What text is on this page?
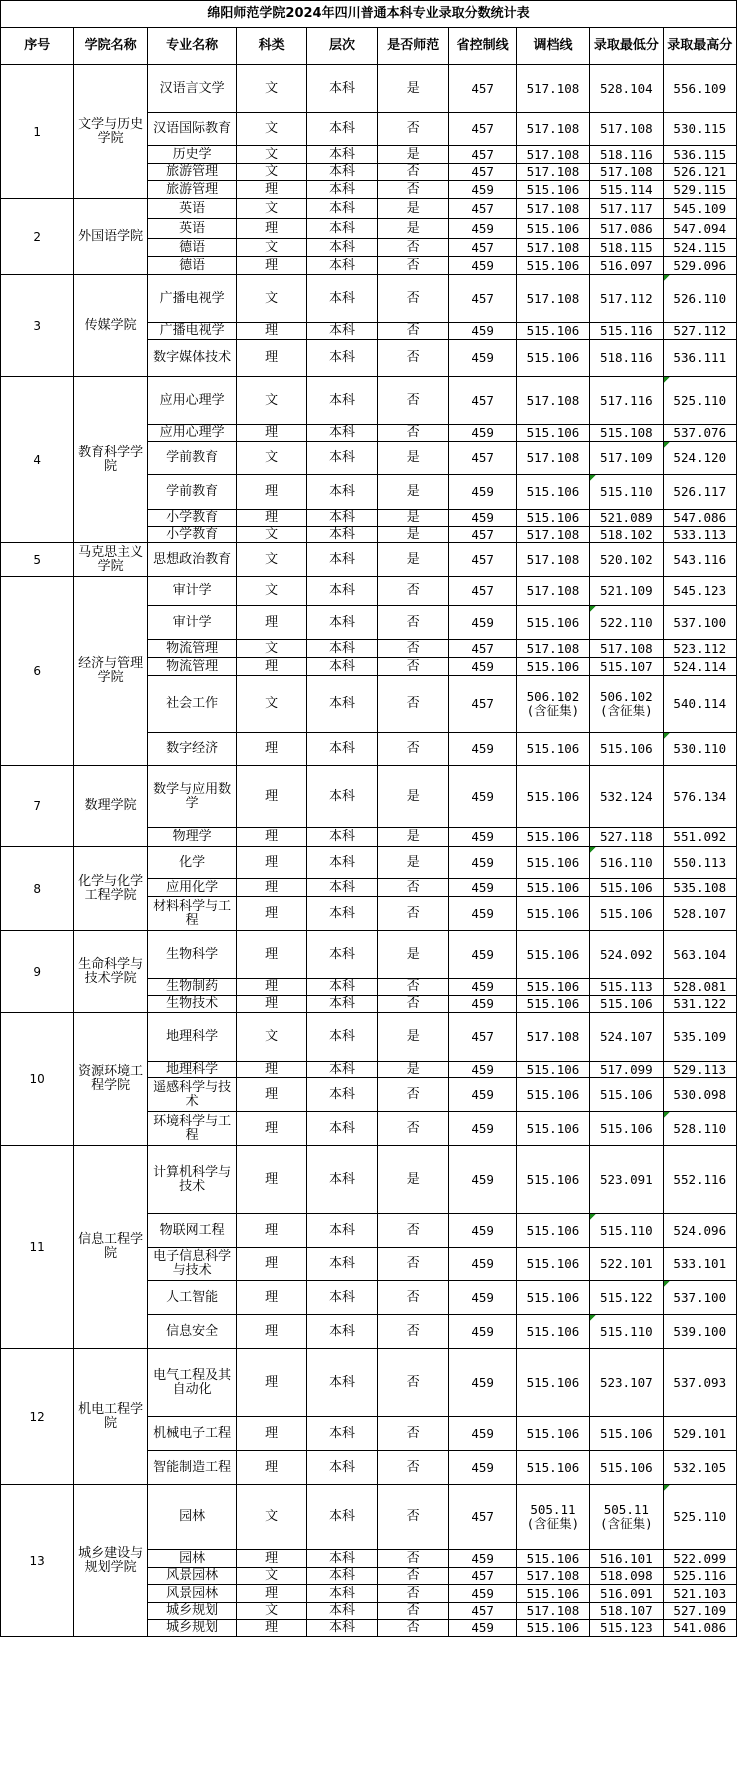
绵阳师范学院2024年四川普通本科专业录取分数统计表									
序号	学院名称	专业名称	科类	层次	是否师范	省控制线	调档线	录取最低分	录取最高分
1	文学与历史学院	汉语言文学	文	本科	是	457	517.108	528.104	556.109
		汉语国际教育	文	本科	否	457	517.108	517.108	530.115
		历史学	文	本科	是	457	517.108	518.116	536.115
		旅游管理	文	本科	否	457	517.108	517.108	526.121
		旅游管理	理	本科	否	459	515.106	515.114	529.115
2	外国语学院	英语	文	本科	是	457	517.108	517.117	545.109
		英语	理	本科	是	459	515.106	517.086	547.094
		德语	文	本科	否	457	517.108	518.115	524.115
		德语	理	本科	否	459	515.106	516.097	529.096
3	传媒学院	广播电视学	文	本科	否	457	517.108	517.112	526.110
		广播电视学	理	本科	否	459	515.106	515.116	527.112
		数字媒体技术	理	本科	否	459	515.106	518.116	536.111
4	教育科学学院	应用心理学	文	本科	否	457	517.108	517.116	525.110
		应用心理学	理	本科	否	459	515.106	515.108	537.076
		学前教育	文	本科	是	457	517.108	517.109	524.120
		学前教育	理	本科	是	459	515.106	515.110	526.117
		小学教育	理	本科	是	459	515.106	521.089	547.086
		小学教育	文	本科	是	457	517.108	518.102	533.113
5	马克思主义学院	思想政治教育	文	本科	是	457	517.108	520.102	543.116
6	经济与管理学院	审计学	文	本科	否	457	517.108	521.109	545.123
		审计学	理	本科	否	459	515.106	522.110	537.100
		物流管理	文	本科	否	457	517.108	517.108	523.112
		物流管理	理	本科	否	459	515.106	515.107	524.114
		社会工作	文	本科	否	457	506.102 (含征集)	506.102 (含征集)	540.114
		数字经济	理	本科	否	459	515.106	515.106	530.110
7	数理学院	数学与应用数学	理	本科	是	459	515.106	532.124	576.134
		物理学	理	本科	是	459	515.106	527.118	551.092
8	化学与化学工程学院	化学	理	本科	是	459	515.106	516.110	550.113
		应用化学	理	本科	否	459	515.106	515.106	535.108
		材料科学与工程	理	本科	否	459	515.106	515.106	528.107
9	生命科学与技术学院	生物科学	理	本科	是	459	515.106	524.092	563.104
		生物制药	理	本科	否	459	515.106	515.113	528.081
		生物技术	理	本科	否	459	515.106	515.106	531.122
10	资源环境工程学院	地理科学	文	本科	是	457	517.108	524.107	535.109
		地理科学	理	本科	是	459	515.106	517.099	529.113
		遥感科学与技术	理	本科	否	459	515.106	515.106	530.098
		环境科学与工程	理	本科	否	459	515.106	515.106	528.110
11	信息工程学院	计算机科学与技术	理	本科	是	459	515.106	523.091	552.116
		物联网工程	理	本科	否	459	515.106	515.110	524.096
		电子信息科学与技术	理	本科	否	459	515.106	522.101	533.101
		人工智能	理	本科	否	459	515.106	515.122	537.100
		信息安全	理	本科	否	459	515.106	515.110	539.100
12	机电工程学院	电气工程及其自动化	理	本科	否	459	515.106	523.107	537.093
		机械电子工程	理	本科	否	459	515.106	515.106	529.101
		智能制造工程	理	本科	否	459	515.106	515.106	532.105
13	城乡建设与规划学院	园林	文	本科	否	457	505.11 (含征集)	505.11 (含征集)	525.110
		园林	理	本科	否	459	515.106	516.101	522.099
		风景园林	文	本科	否	457	517.108	518.098	525.116
		风景园林	理	本科	否	459	515.106	516.091	521.103
		城乡规划	文	本科	否	457	517.108	518.107	527.109
		城乡规划	理	本科	否	459	515.106	515.123	541.086
